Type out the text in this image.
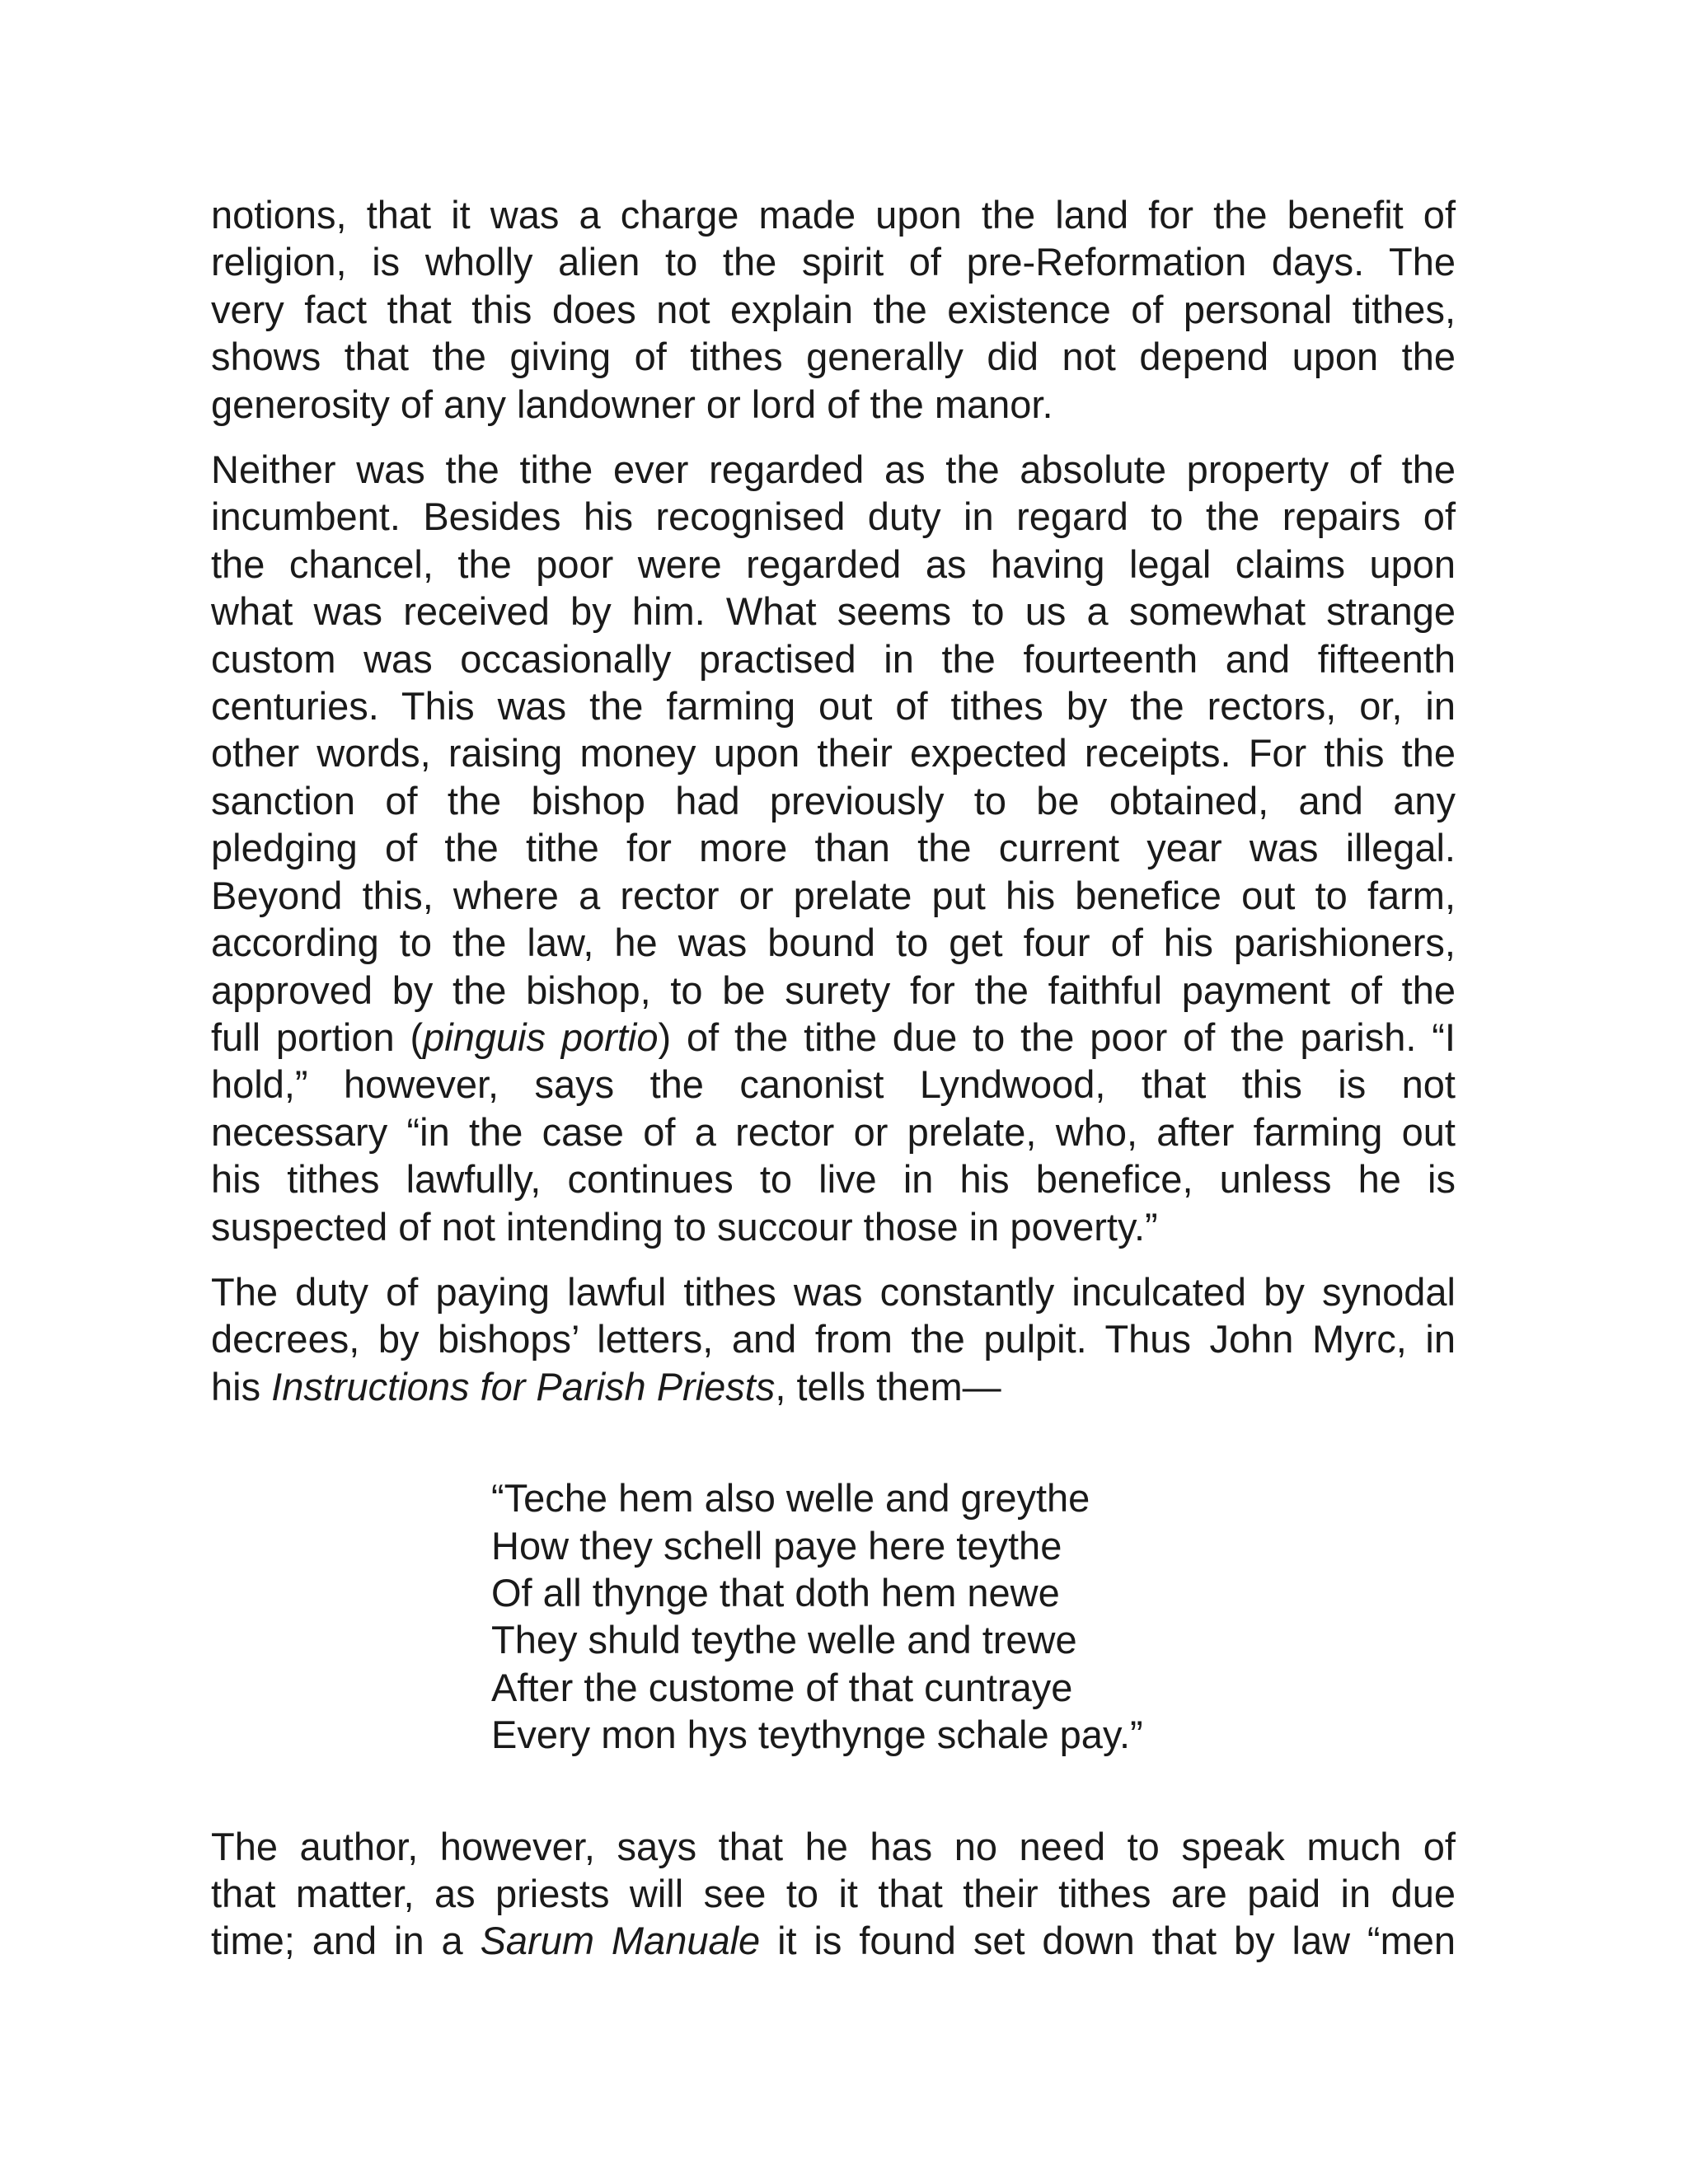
notions, that it was a charge made upon the land for the benefit of
religion, is wholly alien to the spirit of pre-Reformation days. The
very fact that this does not explain the existence of personal tithes,
shows that the giving of tithes generally did not depend upon the
generosity of any landowner or lord of the manor.

Neither was the tithe ever regarded as the absolute property of the
incumbent. Besides his recognised duty in regard to the repairs of
the chancel, the poor were regarded as having legal claims upon
what was received by him. What seems to us a somewhat strange
custom was occasionally practised in the fourteenth and fifteenth
centuries. This was the farming out of tithes by the rectors, or, in
other words, raising money upon their expected receipts. For this the
sanction of the bishop had previously to be obtained, and any
pledging of the tithe for more than the current year was illegal.
Beyond this, where a rector or prelate put his benefice out to farm,
according to the law, he was bound to get four of his parishioners,
approved by the bishop, to be surety for the faithful payment of the
full portion (pinguis portio) of the tithe due to the poor of the parish. “I
hold,” however, says the canonist Lyndwood, that this is not
necessary “in the case of a rector or prelate, who, after farming out
his tithes lawfully, continues to live in his benefice, unless he is
suspected of not intending to succour those in poverty.”

The duty of paying lawful tithes was constantly inculcated by synodal
decrees, by bishops’ letters, and from the pulpit. Thus John Myrc, in
his Instructions for Parish Priests, tells them—

“Teche hem also welle and greythe
How they schell paye here teythe
Of all thynge that doth hem newe
They shuld teythe welle and trewe
After the custome of that cuntraye
Every mon hys teythynge schale pay.”

The author, however, says that he has no need to speak much of
that matter, as priests will see to it that their tithes are paid in due
time; and in a Sarum Manuale it is found set down that by law “men
